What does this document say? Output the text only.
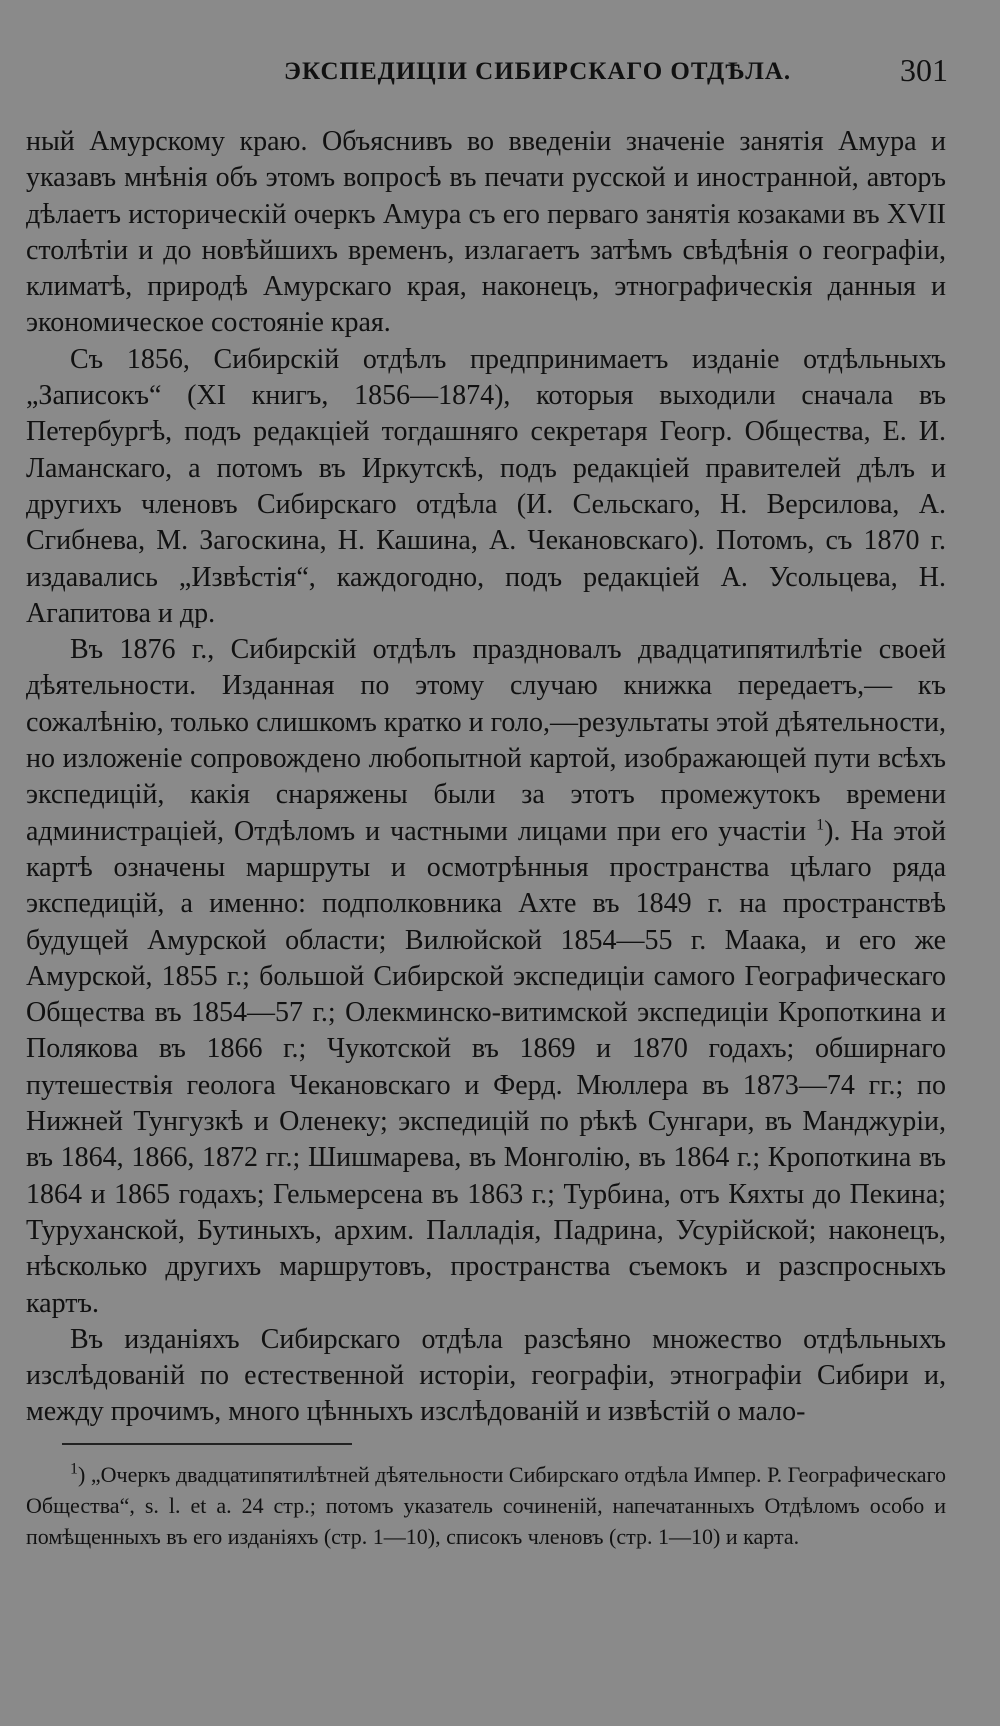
ЭКСПЕДИЦІИ СИБИРСКАГО ОТДѢЛА.	301

ный Амурскому краю. Объяснивъ во введеніи значеніе занятія Амура и указавъ мнѣнія объ этомъ вопросѣ въ печати русской и иностранной, авторъ дѣлаетъ историческій очеркъ Амура съ его перваго занятія козаками въ XVII столѣтіи и до новѣйшихъ временъ, излагаетъ затѣмъ свѣдѣнія о географіи, климатѣ, природѣ Амурскаго края, наконецъ, этнографическія данныя и экономическое состояніе края.

Съ 1856, Сибирскій отдѣлъ предпринимаетъ изданіе отдѣльныхъ „Записокъ“ (XI книгъ, 1856—1874), которыя выходили сначала въ Петербургѣ, подъ редакціей тогдашняго секретаря Геогр. Общества, Е. И. Ламанскаго, а потомъ въ Иркутскѣ, подъ редакціей правителей дѣлъ и другихъ членовъ Сибирскаго отдѣла (И. Сельскаго, Н. Версилова, А. Сгибнева, М. Загоскина, Н. Кашина, А. Чекановскаго). Потомъ, съ 1870 г. издавались „Извѣстія“, каждогодно, подъ редакціей А. Усольцева, Н. Агапитова и др.

Въ 1876 г., Сибирскій отдѣлъ праздновалъ двадцатипятилѣтіе своей дѣятельности. Изданная по этому случаю книжка передаетъ,— къ сожалѣнію, только слишкомъ кратко и голо,—результаты этой дѣятельности, но изложеніе сопровождено любопытной картой, изображающей пути всѣхъ экспедицій, какія снаряжены были за этотъ промежутокъ времени администраціей, Отдѣломъ и частными лицами при его участіи $^1$). На этой картѣ означены маршруты и осмотрѣнныя пространства цѣлаго ряда экспедицій, а именно: подполковника Ахте въ 1849 г. на пространствѣ будущей Амурской области; Вилюйской 1854—55 г. Маака, и его же Амурской, 1855 г.; большой Сибирской экспедиціи самого Географическаго Общества въ 1854—57 г.; Олекминско-витимской экспедиціи Кропоткина и Полякова въ 1866 г.; Чукотской въ 1869 и 1870 годахъ; обширнаго путешествія геолога Чекановскаго и Ферд. Мюллера въ 1873—74 гг.; по Нижней Тунгузкѣ и Оленеку; экспедицій по рѣкѣ Сунгари, въ Манджуріи, въ 1864, 1866, 1872 гг.; Шишмарева, въ Монголію, въ 1864 г.; Кропоткина въ 1864 и 1865 годахъ; Гельмерсена въ 1863 г.; Турбина, отъ Кяхты до Пекина; Туруханской, Бутиныхъ, архим. Палладія, Падрина, Усурійской; наконецъ, нѣсколько другихъ маршрутовъ, пространства съемокъ и разспросныхъ картъ.

Въ изданіяхъ Сибирскаго отдѣла разсѣяно множество отдѣльныхъ изслѣдованій по естественной исторіи, географіи, этнографіи Сибири и, между прочимъ, много цѣнныхъ изслѣдованій и извѣстій о мало-

$^1$) „Очеркъ двадцатипятилѣтней дѣятельности Сибирскаго отдѣла Импер. Р. Географическаго Общества“, s. l. et a. 24 стр.; потомъ указатель сочиненій, напечатанныхъ Отдѣломъ особо и помѣщенныхъ въ его изданіяхъ (стр. 1—10), списокъ членовъ (стр. 1—10) и карта.
